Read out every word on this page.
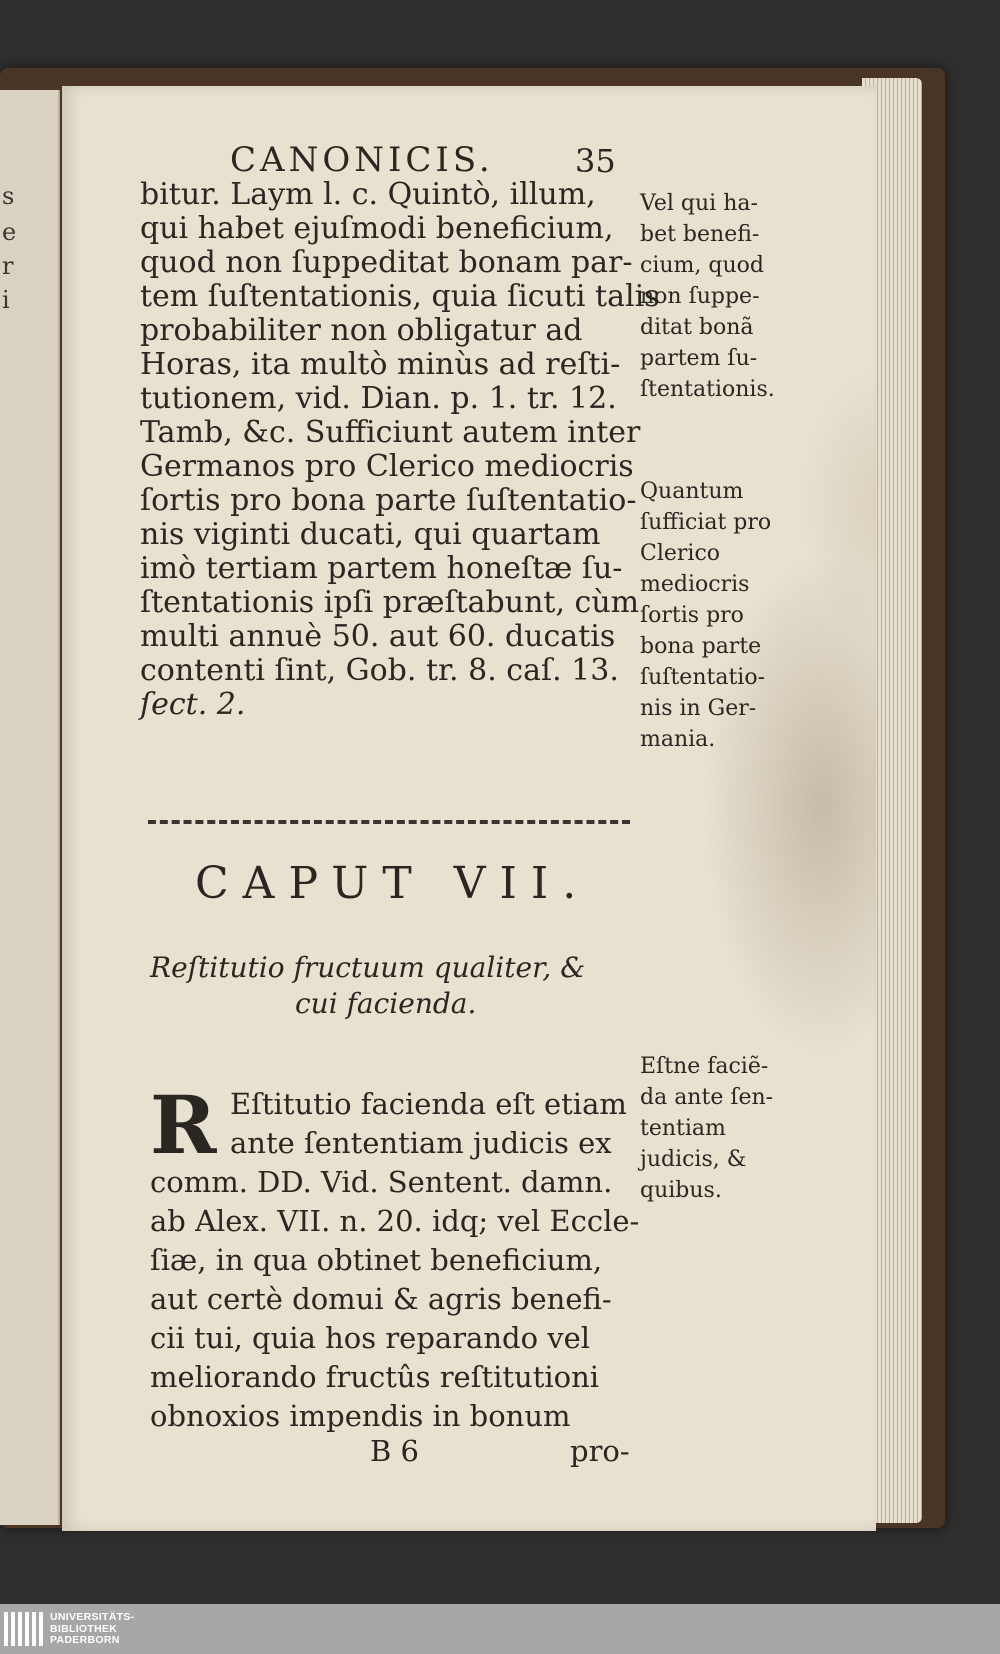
s
e
r
i
CANONICIS.	35
bitur. Laym l. c. Quintò, illum,
qui habet ejuſmodi beneficium,
quod non ſuppeditat bonam par-
tem ſuſtentationis, quia ſicuti talis
probabiliter non obligatur ad
Horas, ita multò minùs ad reſti-
tutionem, vid. Dian. p. 1. tr. 12.
Tamb, &c. Sufficiunt autem inter
Germanos pro Clerico mediocris
ſortis pro bona parte ſuſtentatio-
nis viginti ducati, qui quartam
imò tertiam partem honeſtæ ſu-
ſtentationis ipſi præſtabunt, cùm
multi annuè 50. aut 60. ducatis
contenti ſint, Gob. tr. 8. caſ. 13.
ſect. 2.
Vel qui ha-
bet benefi-
cium, quod
non ſuppe-
ditat bonã
partem ſu-
ſtentationis.
Quantum
ſufficiat pro
Clerico
mediocris
ſortis pro
bona parte
ſuſtentatio-
nis in Ger-
mania.
CAPUT VII.
Reſtitutio fructuum qualiter, &
cui facienda.
R Eſtitutio facienda eſt etiam
ante ſententiam judicis ex
comm. DD. Vid. Sentent. damn.
ab Alex. VII. n. 20. idq; vel Eccle-
ſiæ, in qua obtinet beneficium,
aut certè domui & agris benefi-
cii tui, quia hos reparando vel
meliorando fructûs reſtitutioni
obnoxios impendis in bonum
Eſtne faciẽ-
da ante ſen-
tentiam
judicis, &
quibus.
B 6	pro-
UNIVERSITÄTS-
BIBLIOTHEK
PADERBORN
